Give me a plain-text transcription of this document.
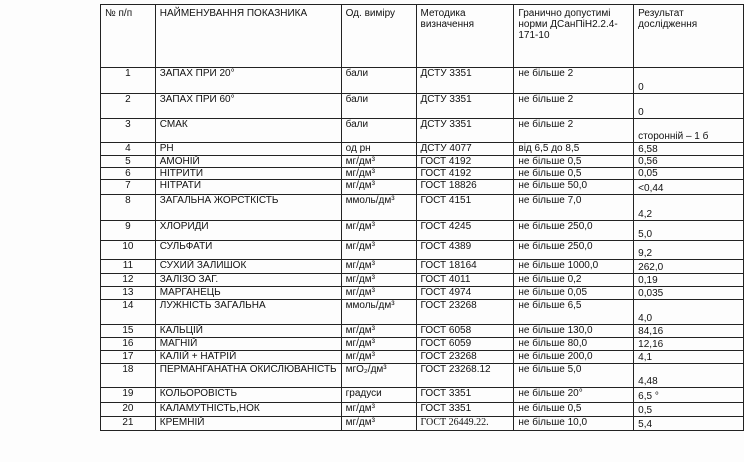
№ п/п	НАЙМЕНУВАННЯ ПОКАЗНИКА	Од. виміру	Методика визначення	Гранично допустимі норми ДСанПіН2.2.4-171-10	Результат дослідження

1	ЗАПАХ ПРИ 20°	бали	ДСТУ 3351	не більше 2	0
2	ЗАПАХ ПРИ 60°	бали	ДСТУ 3351	не більше 2	0
3	СМАК	бали	ДСТУ 3351	не більше 2	сторонній – 1 б
4	PH	од рн	ДСТУ 4077	від 6,5 до 8,5	6,58
5	АМОНІЙ	мг/дм³	ГОСТ 4192	не більше 0,5	0,56
6	НІТРИТИ	мг/дм³	ГОСТ 4192	не більше 0,5	0,05
7	НІТРАТИ	мг/дм³	ГОСТ 18826	не більше 50,0	<0,44
8	ЗАГАЛЬНА ЖОРСТКІСТЬ	ммоль/дм³	ГОСТ 4151	не більше 7,0	4,2
9	ХЛОРИДИ	мг/дм³	ГОСТ 4245	не більше 250,0	5,0
10	СУЛЬФАТИ	мг/дм³	ГОСТ 4389	не більше 250,0	9,2
11	СУХИЙ ЗАЛИШОК	мг/дм³	ГОСТ 18164	не більше 1000,0	262,0
12	ЗАЛІЗО ЗАГ.	мг/дм³	ГОСТ 4011	не більше 0,2	0,19
13	МАРГАНЕЦЬ	мг/дм³	ГОСТ 4974	не більше 0,05	0,035
14	ЛУЖНІСТЬ ЗАГАЛЬНА	ммоль/дм³	ГОСТ 23268	не більше 6,5	4,0
15	КАЛЬЦІЙ	мг/дм³	ГОСТ 6058	не більше 130,0	84,16
16	МАГНІЙ	мг/дм³	ГОСТ 6059	не більше 80,0	12,16
17	КАЛІЙ + НАТРІЙ	мг/дм³	ГОСТ 23268	не більше 200,0	4,1
18	ПЕРМАНГАНАТНА ОКИСЛЮВАНІСТЬ	мгО₂/дм³	ГОСТ 23268.12	не більше 5,0	4,48
19	КОЛЬОРОВІСТЬ	градуси	ГОСТ 3351	не більше 20°	6,5 °
20	КАЛАМУТНІСТЬ,НОК	мг/дм³	ГОСТ 3351	не більше 0,5	0,5
21	КРЕМНІЙ	мг/дм³	ГОСТ 26449.22.	не більше 10,0	5,4
